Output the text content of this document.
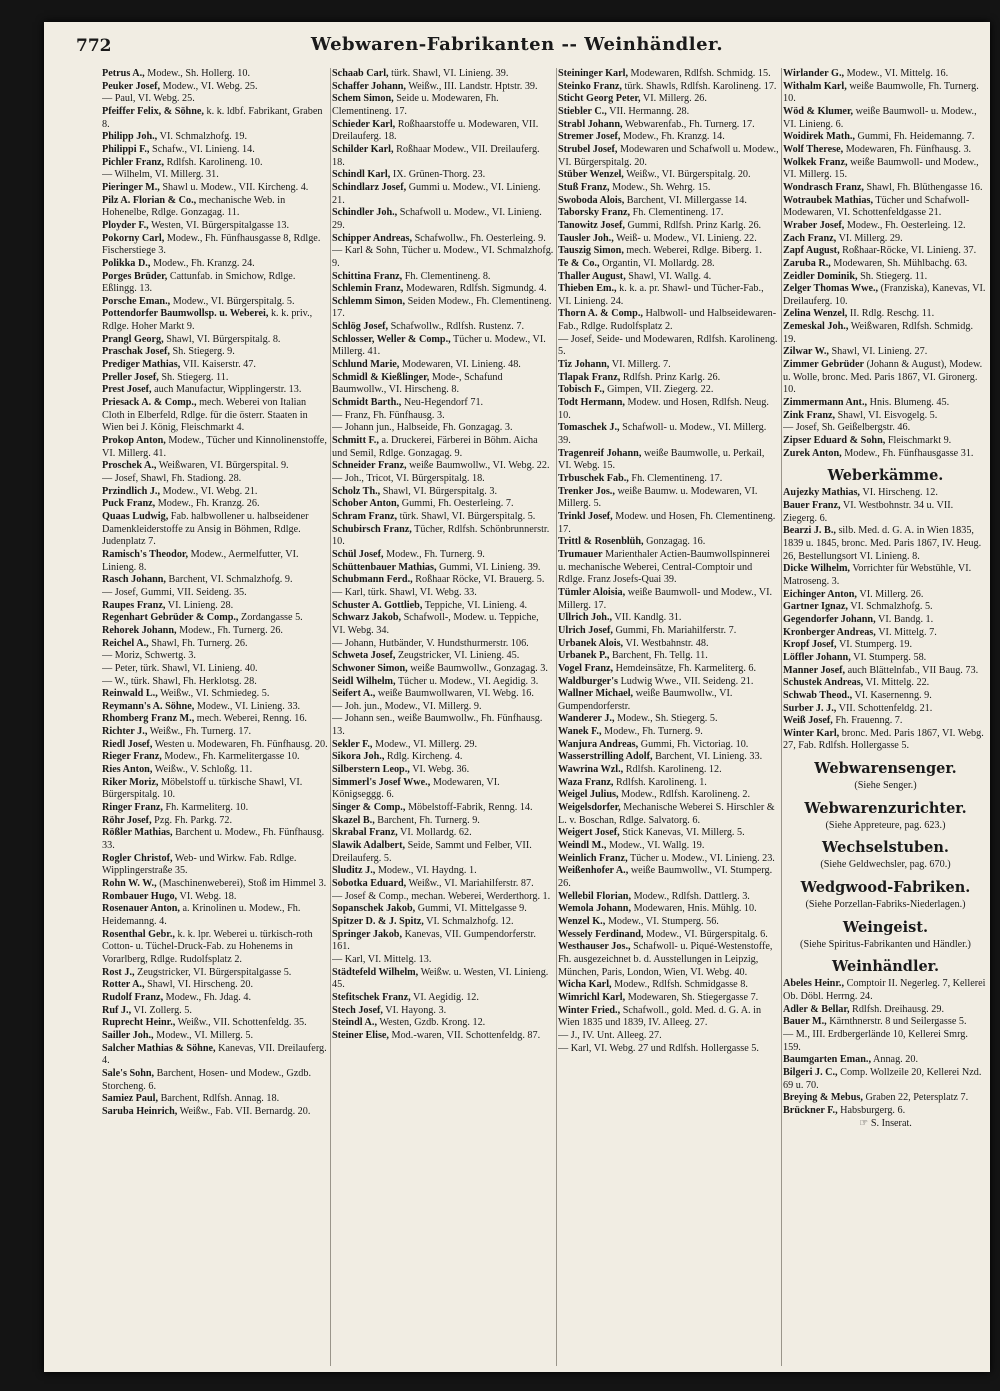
772	Webwaren-Fabrikanten -- Weinhändler.
Petrus A., Modew., Sh. Hollerg. 10.
Peuker Josef, Modew., VI. Webg. 25.
— Paul, VI. Webg. 25.
Pfeiffer Felix, & Söhne, k. k. ldbf. Fabrikant, Graben 8.
Philipp Joh., VI. Schmalzhofg. 19.
Philippi F., Schafw., VI. Linieng. 14.
Pichler Franz, Rdlfsh. Karolineng. 10.
— Wilhelm, VI. Millerg. 31.
Pieringer M., Shawl u. Modew., VII. Kircheng. 4.
Pilz A. Florian & Co., mechanische Web. in Hohenelbe, Rdlge. Gonzagag. 11.
Ployder F., Westen, VI. Bürgerspitalgasse 13.
Pokorny Carl, Modew., Fh. Fünfhausgasse 8, Rdlge. Fischerstiege 3.
Polikka D., Modew., Fh. Kranzg. 24.
Porges Brüder, Cattunfab. in Smichow, Rdlge. Eßlingg. 13.
Porsche Eman., Modew., VI. Bürgerspitalg. 5.
Pottendorfer Baumwollsp. u. Weberei, k. k. priv., Rdlge. Hoher Markt 9.
Prangl Georg, Shawl, VI. Bürgerspitalg. 8.
Praschak Josef, Sh. Stiegerg. 9.
Prediger Mathias, VII. Kaiserstr. 47.
Preller Josef, Sh. Stiegerg. 11.
Prest Josef, auch Manufactur, Wipplingerstr. 13.
Priesack A. & Comp., mech. Weberei von Italian Cloth in Elberfeld, Rdlge. für die österr. Staaten in Wien bei J. König, Fleischmarkt 4.
Prokop Anton, Modew., Tücher und Kinnolinenstoffe, VI. Millerg. 41.
Proschek A., Weißwaren, VI. Bürgerspital. 9.
— Josef, Shawl, Fh. Stadiong. 28.
Przindlich J., Modew., VI. Webg. 21.
Puck Franz, Modew., Fh. Kranzg. 26.
Quaas Ludwig, Fab. halbwollener u. halbseidener Damenkleiderstoffe zu Ansig in Böhmen, Rdlge. Judenplatz 7.
Ramisch's Theodor, Modew., Aermelfutter, VI. Linieng. 8.
Rasch Johann, Barchent, VI. Schmalzhofg. 9.
— Josef, Gummi, VII. Seideng. 35.
Raupes Franz, VI. Linieng. 28.
Regenhart Gebrüder & Comp., Zordangasse 5.
Rehorek Johann, Modew., Fh. Turnerg. 26.
Reichel A., Shawl, Fh. Turnerg. 26.
— Moriz, Schwertg. 3.
— Peter, türk. Shawl, VI. Linieng. 40.
— W., türk. Shawl, Fh. Herklotsg. 28.
Reinwald L., Weißw., VI. Schmiedeg. 5.
Reymann's A. Söhne, Modew., VI. Linieng. 33.
Rhomberg Franz M., mech. Weberei, Renng. 16.
Richter J., Weißw., Fh. Turnerg. 17.
Riedl Josef, Westen u. Modewaren, Fh. Fünfhausg. 20.
Rieger Franz, Modew., Fh. Karmelitergasse 10.
Ries Anton, Weißw., V. Schloßg. 11.
Riker Moriz, Möbelstoff u. türkische Shawl, VI. Bürgerspitalg. 10.
Ringer Franz, Fh. Karmeliterg. 10.
Röhr Josef, Pzg. Fh. Parkg. 72.
Rößler Mathias, Barchent u. Modew., Fh. Fünfhausg. 33.
Rogler Christof, Web- und Wirkw. Fab. Rdlge. Wipplingerstraße 35.
Rohn W. W., (Maschinenweberei), Stoß im Himmel 3.
Rombauer Hugo, VI. Webg. 18.
Rosenauer Anton, a. Krinolinen u. Modew., Fh. Heidemanng. 4.
Rosenthal Gebr., k. k. lpr. Weberei u. türkisch-roth Cotton- u. Tüchel-Druck-Fab. zu Hohenems in Vorarlberg, Rdlge. Rudolfsplatz 2.
Rost J., Zeugstricker, VI. Bürgerspitalgasse 5.
Rotter A., Shawl, VI. Hirscheng. 20.
Rudolf Franz, Modew., Fh. Jdag. 4.
Ruf J., VI. Zollerg. 5.
Ruprecht Heinr., Weißw., VII. Schottenfeldg. 35.
Sailler Joh., Modew., VI. Millerg. 5.
Salcher Mathias & Söhne, Kanevas, VII. Dreilauferg. 4.
Sale's Sohn, Barchent, Hosen- und Modew., Gzdb. Storcheng. 6.
Samiez Paul, Barchent, Rdlfsh. Annag. 18.
Saruba Heinrich, Weißw., Fab. VII. Bernardg. 20.
Schaab Carl, türk. Shawl, VI. Linieng. 39.
Schaffer Johann, Weißw., III. Landstr. Hptstr. 39.
Schem Simon, Seide u. Modewaren, Fh. Clementineng. 17.
Schieder Karl, Roßhaarstoffe u. Modewaren, VII. Dreilauferg. 18.
Schilder Karl, Roßhaar Modew., VII. Dreilauferg. 18.
Schindl Karl, IX. Grünen-Thorg. 23.
Schindlarz Josef, Gummi u. Modew., VI. Linieng. 21.
Schindler Joh., Schafwoll u. Modew., VI. Linieng. 29.
Schipper Andreas, Schafwollw., Fh. Oesterleing. 9.
— Karl & Sohn, Tücher u. Modew., VI. Schmalzhofg. 9.
Schittina Franz, Fh. Clementineng. 8.
Schlemin Franz, Modewaren, Rdlfsh. Sigmundg. 4.
Schlemm Simon, Seiden Modew., Fh. Clementineng. 17.
Schlög Josef, Schafwollw., Rdlfsh. Rustenz. 7.
Schlosser, Weller & Comp., Tücher u. Modew., VI. Millerg. 41.
Schlund Marie, Modewaren, VI. Linieng. 48.
Schmidl & Kießlinger, Mode-, Schafund Baumwollw., VI. Hirscheng. 8.
Schmidt Barth., Neu-Hegendorf 71.
— Franz, Fh. Fünfhausg. 3.
— Johann jun., Halbseide, Fh. Gonzagag. 3.
Schmitt F., a. Druckerei, Färberei in Böhm. Aicha und Semil, Rdlge. Gonzagag. 9.
Schneider Franz, weiße Baumwollw., VI. Webg. 22.
— Joh., Tricot, VI. Bürgerspitalg. 18.
Scholz Th., Shawl, VI. Bürgerspitalg. 3.
Schober Anton, Gummi, Fh. Oesterleing. 7.
Schram Franz, türk. Shawl, VI. Bürgerspitalg. 5.
Schubirsch Franz, Tücher, Rdlfsh. Schönbrunnerstr. 10.
Schül Josef, Modew., Fh. Turnerg. 9.
Schüttenbauer Mathias, Gummi, VI. Linieng. 39.
Schubmann Ferd., Roßhaar Röcke, VI. Brauerg. 5.
— Karl, türk. Shawl, VI. Webg. 33.
Schuster A. Gottlieb, Teppiche, VI. Linieng. 4.
Schwarz Jakob, Schafwoll-, Modew. u. Teppiche, VI. Webg. 34.
— Johann, Hutbänder, V. Hundsthurmerstr. 106.
Schweta Josef, Zeugstricker, VI. Linieng. 45.
Schwoner Simon, weiße Baumwollw., Gonzagag. 3.
Seidl Wilhelm, Tücher u. Modew., VI. Aegidig. 3.
Seifert A., weiße Baumwollwaren, VI. Webg. 16.
— Joh. jun., Modew., VI. Millerg. 9.
— Johann sen., weiße Baumwollw., Fh. Fünfhausg. 13.
Sekler F., Modew., VI. Millerg. 29.
Sikora Joh., Rdlg. Kircheng. 4.
Silberstern Leop., VI. Webg. 36.
Simmerl's Josef Wwe., Modewaren, VI. Königseggg. 6.
Singer & Comp., Möbelstoff-Fabrik, Renng. 14.
Skazel B., Barchent, Fh. Turnerg. 9.
Skrabal Franz, VI. Mollardg. 62.
Slawik Adalbert, Seide, Sammt und Felber, VII. Dreilauferg. 5.
Sluditz J., Modew., VI. Haydng. 1.
Sobotka Eduard, Weißw., VI. Mariahilferstr. 87.
— Josef & Comp., mechan. Weberei, Werderthorg. 1.
Sopanschek Jakob, Gummi, VI. Mittelgasse 9.
Spitzer D. & J. Spitz, VI. Schmalzhofg. 12.
Springer Jakob, Kanevas, VII. Gumpendorferstr. 161.
— Karl, VI. Mittelg. 13.
Städtefeld Wilhelm, Weißw. u. Westen, VI. Linieng. 45.
Stefitschek Franz, VI. Aegidig. 12.
Stech Josef, VI. Hayong. 3.
Steindl A., Westen, Gzdb. Krong. 12.
Steiner Elise, Mod.-waren, VII. Schottenfeldg. 87.
Steininger Karl, Modewaren, Rdlfsh. Schmidg. 15.
Steinko Franz, türk. Shawls, Rdlfsh. Karolineng. 17.
Sticht Georg Peter, VI. Millerg. 26.
Stiebler C., VII. Hermanng. 28.
Strabl Johann, Webwarenfab., Fh. Turnerg. 17.
Stremer Josef, Modew., Fh. Kranzg. 14.
Strubel Josef, Modewaren und Schafwoll u. Modew., VI. Bürgerspitalg. 20.
Stüber Wenzel, Weißw., VI. Bürgerspitalg. 20.
Stuß Franz, Modew., Sh. Wehrg. 15.
Swoboda Alois, Barchent, VI. Millergasse 14.
Taborsky Franz, Fh. Clementineng. 17.
Tanowitz Josef, Gummi, Rdlfsh. Prinz Karlg. 26.
Tausler Joh., Weiß- u. Modew., VI. Linieng. 22.
Tauszig Simon, mech. Weberei, Rdlge. Biberg. 1.
Te & Co., Organtin, VI. Mollardg. 28.
Thaller August, Shawl, VI. Wallg. 4.
Thieben Em., k. k. a. pr. Shawl- und Tücher-Fab., VI. Linieng. 24.
Thorn A. & Comp., Halbwoll- und Halbseidewaren-Fab., Rdlge. Rudolfsplatz 2.
— Josef, Seide- und Modewaren, Rdlfsh. Karolineng. 5.
Tiz Johann, VI. Millerg. 7.
Tlapak Franz, Rdlfsh. Prinz Karlg. 26.
Tobisch F., Gimpen, VII. Ziegerg. 22.
Todt Hermann, Modew. und Hosen, Rdlfsh. Neug. 10.
Tomaschek J., Schafwoll- u. Modew., VI. Millerg. 39.
Tragenreif Johann, weiße Baumwolle, u. Perkail, VI. Webg. 15.
Trbuschek Fab., Fh. Clementineng. 17.
Trenker Jos., weiße Baumw. u. Modewaren, VI. Millerg. 5.
Trinkl Josef, Modew. und Hosen, Fh. Clementineng. 17.
Trittl & Rosenblüh, Gonzagag. 16.
Trumauer Marienthaler Actien-Baumwollspinnerei u. mechanische Weberei, Central-Comptoir und Rdlge. Franz Josefs-Quai 39.
Tümler Aloisia, weiße Baumwoll- und Modew., VI. Millerg. 17.
Ullrich Joh., VII. Kandlg. 31.
Ulrich Josef, Gummi, Fh. Mariahilferstr. 7.
Urbanek Alois, VI. Westbahnstr. 48.
Urbanek P., Barchent, Fh. Tellg. 11.
Vogel Franz, Hemdeinsätze, Fh. Karmeliterg. 6.
Waldburger's Ludwig Wwe., VII. Seideng. 21.
Wallner Michael, weiße Baumwollw., VI. Gumpendorferstr.
Wanderer J., Modew., Sh. Stiegerg. 5.
Wanek F., Modew., Fh. Turnerg. 9.
Wanjura Andreas, Gummi, Fh. Victoriag. 10.
Wasserstrilling Adolf, Barchent, VI. Linieng. 33.
Wawrina Wzl., Rdlfsh. Karolineng. 12.
Waza Franz, Rdlfsh. Karolineng. 1.
Weigel Julius, Modew., Rdlfsh. Karolineng. 2.
Weigelsdorfer, Mechanische Weberei S. Hirschler & L. v. Boschan, Rdlge. Salvatorg. 6.
Weigert Josef, Stick Kanevas, VI. Millerg. 5.
Weindl M., Modew., VI. Wallg. 19.
Weinlich Franz, Tücher u. Modew., VI. Linieng. 23.
Weißenhofer A., weiße Baumwollw., VI. Stumperg. 26.
Wellebil Florian, Modew., Rdlfsh. Dattlerg. 3.
Wemola Johann, Modewaren, Hnis. Mühlg. 10.
Wenzel K., Modew., VI. Stumperg. 56.
Wessely Ferdinand, Modew., VI. Bürgerspitalg. 6.
Westhauser Jos., Schafwoll- u. Piqué-Westenstoffe, Fh. ausgezeichnet b. d. Ausstellungen in Leipzig, München, Paris, London, Wien, VI. Webg. 40.
Wicha Karl, Modew., Rdlfsh. Schmidgasse 8.
Wimrichl Karl, Modewaren, Sh. Stiegergasse 7.
Winter Fried., Schafwoll., gold. Med. d. G. A. in Wien 1835 und 1839, IV. Alleeg. 27.
— J., IV. Unt. Alleeg. 27.
— Karl, VI. Webg. 27 und Rdlfsh. Hollergasse 5.
Wirlander G., Modew., VI. Mittelg. 16.
Withalm Karl, weiße Baumwolle, Fh. Turnerg. 10.
Wöd & Klumer, weiße Baumwoll- u. Modew., VI. Linieng. 6.
Woidirek Math., Gummi, Fh. Heidemanng. 7.
Wolf Therese, Modewaren, Fh. Fünfhausg. 3.
Wolkek Franz, weiße Baumwoll- und Modew., VI. Millerg. 15.
Wondrasch Franz, Shawl, Fh. Blüthengasse 16.
Wotraubek Mathias, Tücher und Schafwoll-Modewaren, VI. Schottenfeldgasse 21.
Wraber Josef, Modew., Fh. Oesterleing. 12.
Zach Franz, VI. Millerg. 29.
Zapf August, Roßhaar-Röcke, VI. Linieng. 37.
Zaruba R., Modewaren, Sh. Mühlbachg. 63.
Zeidler Dominik, Sh. Stiegerg. 11.
Zelger Thomas Wwe., (Franziska), Kanevas, VI. Dreilauferg. 10.
Zelina Wenzel, II. Rdlg. Reschg. 11.
Zemeskal Joh., Weißwaren, Rdlfsh. Schmidg. 19.
Zilwar W., Shawl, VI. Linieng. 27.
Zimmer Gebrüder (Johann & August), Modew. u. Wolle, bronc. Med. Paris 1867, VI. Gironerg. 10.
Zimmermann Ant., Hnis. Blumeng. 45.
Zink Franz, Shawl, VI. Eisvogelg. 5.
— Josef, Sh. Geißelbergstr. 46.
Zipser Eduard & Sohn, Fleischmarkt 9.
Zurek Anton, Modew., Fh. Fünfhausgasse 31.
Weberkämme.
Aujezky Mathias, VI. Hirscheng. 12.
Bauer Franz, VI. Westbohnstr. 34 u. VII. Ziegerg. 6.
Bearzi J. B., silb. Med. d. G. A. in Wien 1835, 1839 u. 1845, bronc. Med. Paris 1867, IV. Heug. 26, Bestellungsort VI. Linieng. 8.
Dicke Wilhelm, Vorrichter für Webstühle, VI. Matroseng. 3.
Eichinger Anton, VI. Millerg. 26.
Gartner Ignaz, VI. Schmalzhofg. 5.
Gegendorfer Johann, VI. Bandg. 1.
Kronberger Andreas, VI. Mittelg. 7.
Kropf Josef, VI. Stumperg. 19.
Löffler Johann, VI. Stumperg. 58.
Manner Josef, auch Blättelnfab., VII Baug. 73.
Schustek Andreas, VI. Mittelg. 22.
Schwab Theod., VI. Kasernenng. 9.
Surber J. J., VII. Schottenfeldg. 21.
Weiß Josef, Fh. Frauenng. 7.
Winter Karl, bronc. Med. Paris 1867, VI. Webg. 27, Fab. Rdlfsh. Hollergasse 5.
Webwarensenger.
(Siehe Senger.)
Webwarenzurichter.
(Siehe Appreteure, pag. 623.)
Wechselstuben.
(Siehe Geldwechsler, pag. 670.)
Wedgwood-Fabriken.
(Siehe Porzellan-Fabriks-Niederlagen.)
Weingeist.
(Siehe Spiritus-Fabrikanten und Händler.)
Weinhändler.
Abeles Heinr., Comptoir II. Negerleg. 7, Kellerei Ob. Döbl. Herrng. 24.
Adler & Bellar, Rdlfsh. Dreihausg. 29.
Bauer M., Kärnthnerstr. 8 und Seilergasse 5.
— M., III. Erdbergerlände 10, Kellerei Smrg. 159.
Baumgarten Eman., Annag. 20.
Bilgeri J. C., Comp. Wollzeile 20, Kellerei Nzd. 69 u. 70.
Breying & Mebus, Graben 22, Petersplatz 7.
Brückner F., Habsburgerg. 6.
☞ S. Inserat.
